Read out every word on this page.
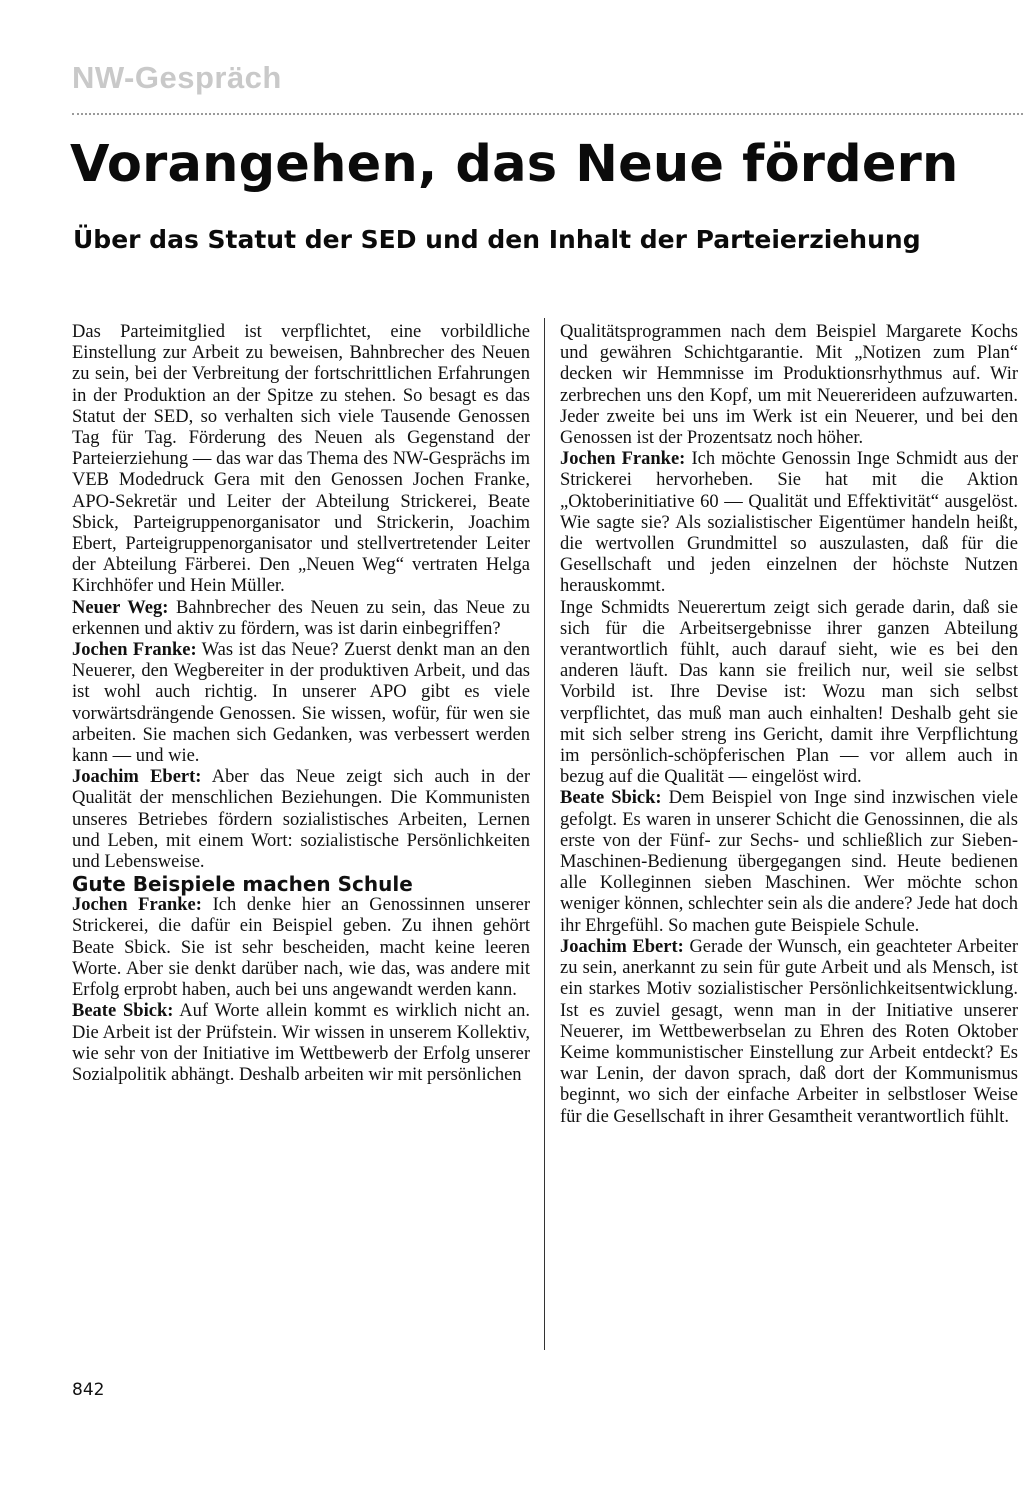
NW-Gespräch
Vorangehen, das Neue fördern
Über das Statut der SED und den Inhalt der Parteierziehung

Das Parteimitglied ist verpflichtet, eine vorbildliche Einstellung zur Arbeit zu beweisen, Bahnbrecher des Neuen zu sein, bei der Verbreitung der fortschrittlichen Erfahrungen in der Produktion an der Spitze zu stehen. So besagt es das Statut der SED, so verhalten sich viele Tausende Genossen Tag für Tag. Förderung des Neuen als Gegenstand der Parteierziehung — das war das Thema des NW-Gesprächs im VEB Modedruck Gera mit den Genossen Jochen Franke, APO-Sekretär und Leiter der Abteilung Strickerei, Beate Sbick, Parteigruppenorganisator und Strickerin, Joachim Ebert, Parteigruppenorganisator und stellvertretender Leiter der Abteilung Färberei. Den „Neuen Weg“ vertraten Helga Kirchhöfer und Hein Müller.

Neuer Weg: Bahnbrecher des Neuen zu sein, das Neue zu erkennen und aktiv zu fördern, was ist darin einbegriffen?

Jochen Franke: Was ist das Neue? Zuerst denkt man an den Neuerer, den Wegbereiter in der produktiven Arbeit, und das ist wohl auch richtig. In unserer APO gibt es viele vorwärtsdrängende Genossen. Sie wissen, wofür, für wen sie arbeiten. Sie machen sich Gedanken, was verbessert werden kann — und wie.

Joachim Ebert: Aber das Neue zeigt sich auch in der Qualität der menschlichen Beziehungen. Die Kommunisten unseres Betriebes fördern sozialistisches Arbeiten, Lernen und Leben, mit einem Wort: sozialistische Persönlichkeiten und Lebensweise.

Gute Beispiele machen Schule

Jochen Franke: Ich denke hier an Genossinnen unserer Strickerei, die dafür ein Beispiel geben. Zu ihnen gehört Beate Sbick. Sie ist sehr bescheiden, macht keine leeren Worte. Aber sie denkt darüber nach, wie das, was andere mit Erfolg erprobt haben, auch bei uns angewandt werden kann.

Beate Sbick: Auf Worte allein kommt es wirklich nicht an. Die Arbeit ist der Prüfstein. Wir wissen in unserem Kollektiv, wie sehr von der Initiative im Wettbewerb der Erfolg unserer Sozialpolitik abhängt. Deshalb arbeiten wir mit persönlichen

Qualitätsprogrammen nach dem Beispiel Margarete Kochs und gewähren Schichtgarantie. Mit „Notizen zum Plan“ decken wir Hemmnisse im Produktionsrhythmus auf. Wir zerbrechen uns den Kopf, um mit Neuererideen aufzuwarten. Jeder zweite bei uns im Werk ist ein Neuerer, und bei den Genossen ist der Prozentsatz noch höher.

Jochen Franke: Ich möchte Genossin Inge Schmidt aus der Strickerei hervorheben. Sie hat mit die Aktion „Oktoberinitiative 60 — Qualität und Effektivität“ ausgelöst. Wie sagte sie? Als sozialistischer Eigentümer handeln heißt, die wertvollen Grundmittel so auszulasten, daß für die Gesellschaft und jeden einzelnen der höchste Nutzen herauskommt.

Inge Schmidts Neuerertum zeigt sich gerade darin, daß sie sich für die Arbeitsergebnisse ihrer ganzen Abteilung verantwortlich fühlt, auch darauf sieht, wie es bei den anderen läuft. Das kann sie freilich nur, weil sie selbst Vorbild ist. Ihre Devise ist: Wozu man sich selbst verpflichtet, das muß man auch einhalten! Deshalb geht sie mit sich selber streng ins Gericht, damit ihre Verpflichtung im persönlich-schöpferischen Plan — vor allem auch in bezug auf die Qualität — eingelöst wird.

Beate Sbick: Dem Beispiel von Inge sind inzwischen viele gefolgt. Es waren in unserer Schicht die Genossinnen, die als erste von der Fünf- zur Sechs- und schließlich zur Sieben-Maschinen-Bedienung übergegangen sind. Heute bedienen alle Kolleginnen sieben Maschinen. Wer möchte schon weniger können, schlechter sein als die andere? Jede hat doch ihr Ehrgefühl. So machen gute Beispiele Schule.

Joachim Ebert: Gerade der Wunsch, ein geachteter Arbeiter zu sein, anerkannt zu sein für gute Arbeit und als Mensch, ist ein starkes Motiv sozialistischer Persönlichkeitsentwicklung. Ist es zuviel gesagt, wenn man in der Initiative unserer Neuerer, im Wettbewerbselan zu Ehren des Roten Oktober Keime kommunistischer Einstellung zur Arbeit entdeckt? Es war Lenin, der davon sprach, daß dort der Kommunismus beginnt, wo sich der einfache Arbeiter in selbstloser Weise für die Gesellschaft in ihrer Gesamtheit verantwortlich fühlt.

842
